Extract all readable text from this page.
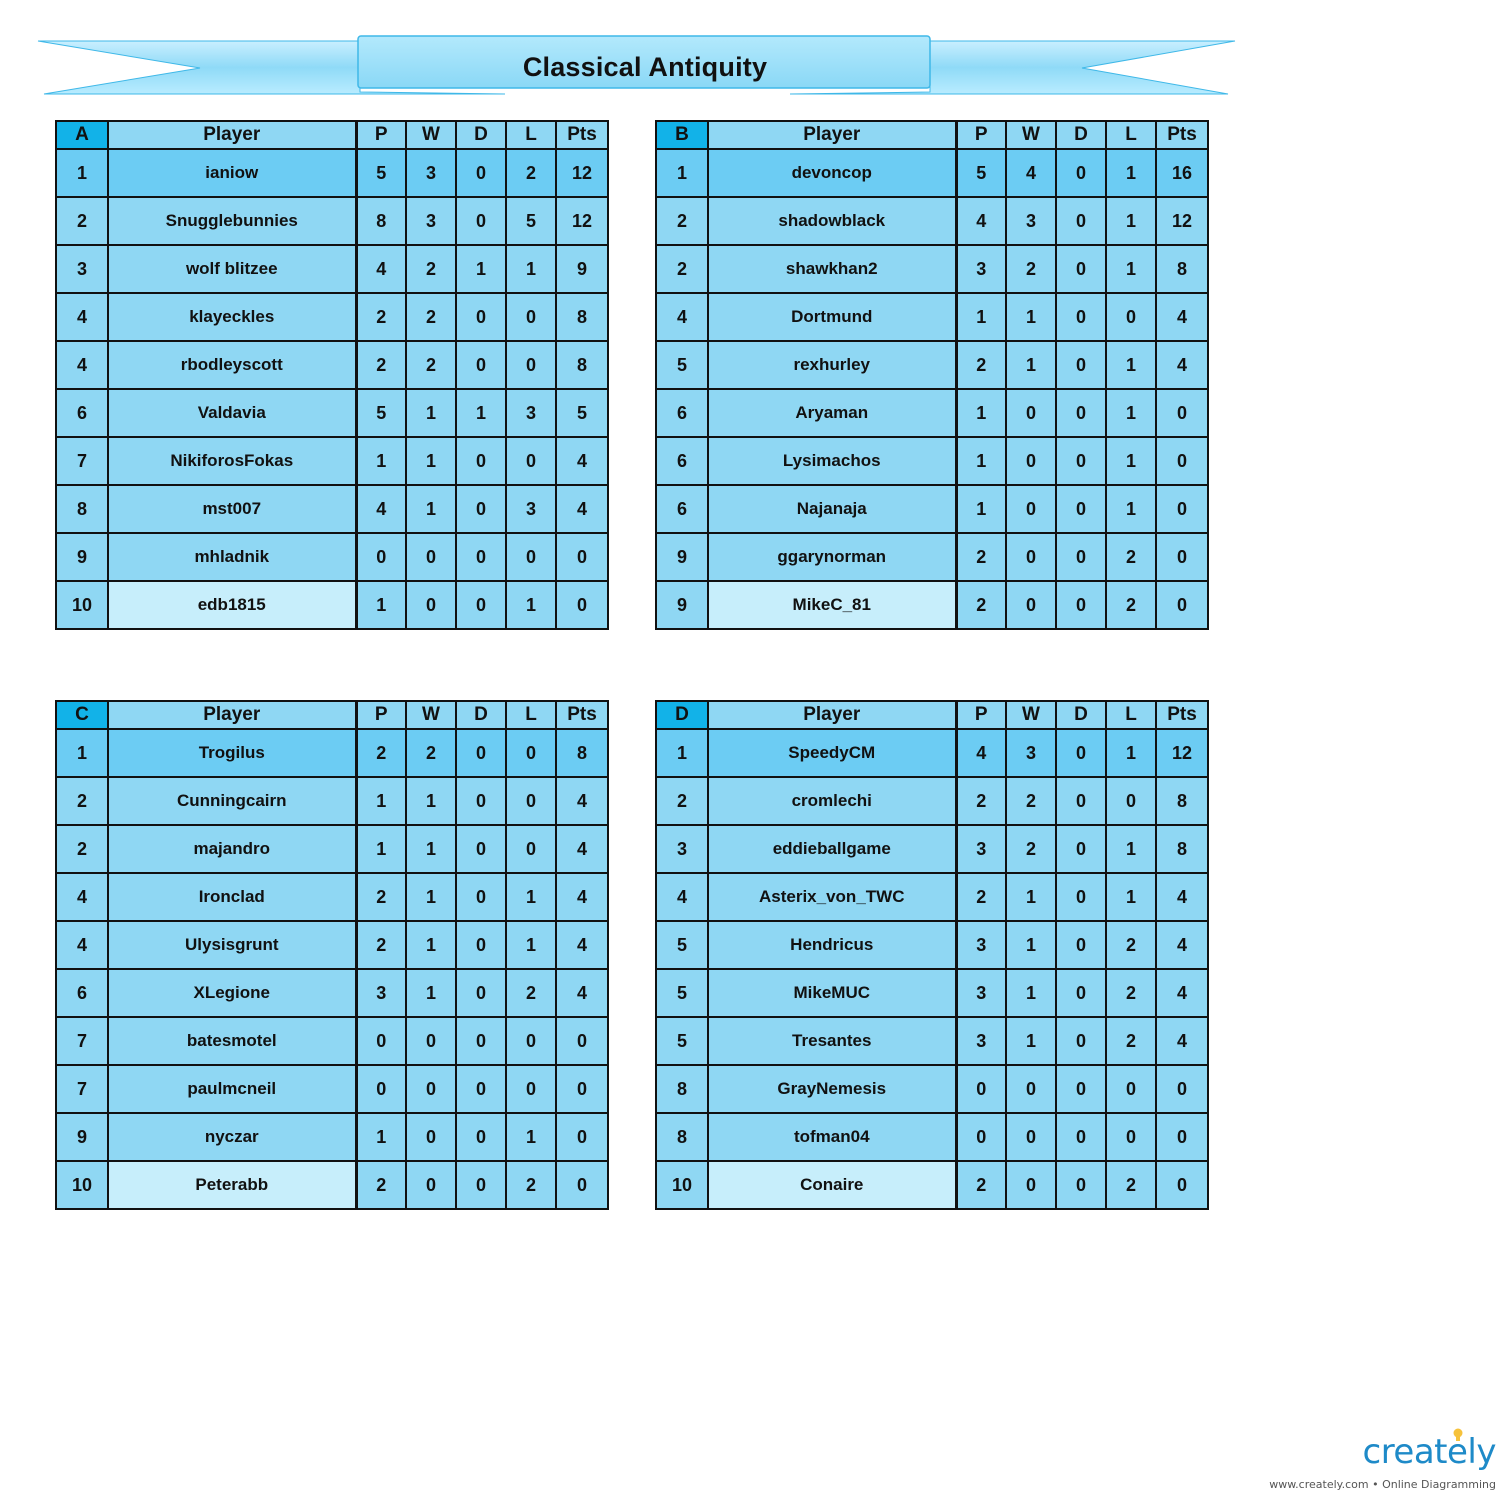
Classical Antiquity
A	Player	P	W	D	L	Pts
1	ianiow	5	3	0	2	12
2	Snugglebunnies	8	3	0	5	12
3	wolf blitzee	4	2	1	1	9
4	klayeckles	2	2	0	0	8
4	rbodleyscott	2	2	0	0	8
6	Valdavia	5	1	1	3	5
7	NikiforosFokas	1	1	0	0	4
8	mst007	4	1	0	3	4
9	mhladnik	0	0	0	0	0
10	edb1815	1	0	0	1	0
B	Player	P	W	D	L	Pts
1	devoncop	5	4	0	1	16
2	shadowblack	4	3	0	1	12
2	shawkhan2	3	2	0	1	8
4	Dortmund	1	1	0	0	4
5	rexhurley	2	1	0	1	4
6	Aryaman	1	0	0	1	0
6	Lysimachos	1	0	0	1	0
6	Najanaja	1	0	0	1	0
9	ggarynorman	2	0	0	2	0
9	MikeC_81	2	0	0	2	0
C	Player	P	W	D	L	Pts
1	Trogilus	2	2	0	0	8
2	Cunningcairn	1	1	0	0	4
2	majandro	1	1	0	0	4
4	Ironclad	2	1	0	1	4
4	Ulysisgrunt	2	1	0	1	4
6	XLegione	3	1	0	2	4
7	batesmotel	0	0	0	0	0
7	paulmcneil	0	0	0	0	0
9	nyczar	1	0	0	1	0
10	Peterabb	2	0	0	2	0
D	Player	P	W	D	L	Pts
1	SpeedyCM	4	3	0	1	12
2	cromlechi	2	2	0	0	8
3	eddieballgame	3	2	0	1	8
4	Asterix_von_TWC	2	1	0	1	4
5	Hendricus	3	1	0	2	4
5	MikeMUC	3	1	0	2	4
5	Tresantes	3	1	0	2	4
8	GrayNemesis	0	0	0	0	0
8	tofman04	0	0	0	0	0
10	Conaire	2	0	0	2	0
creately
www.creately.com • Online Diagramming
